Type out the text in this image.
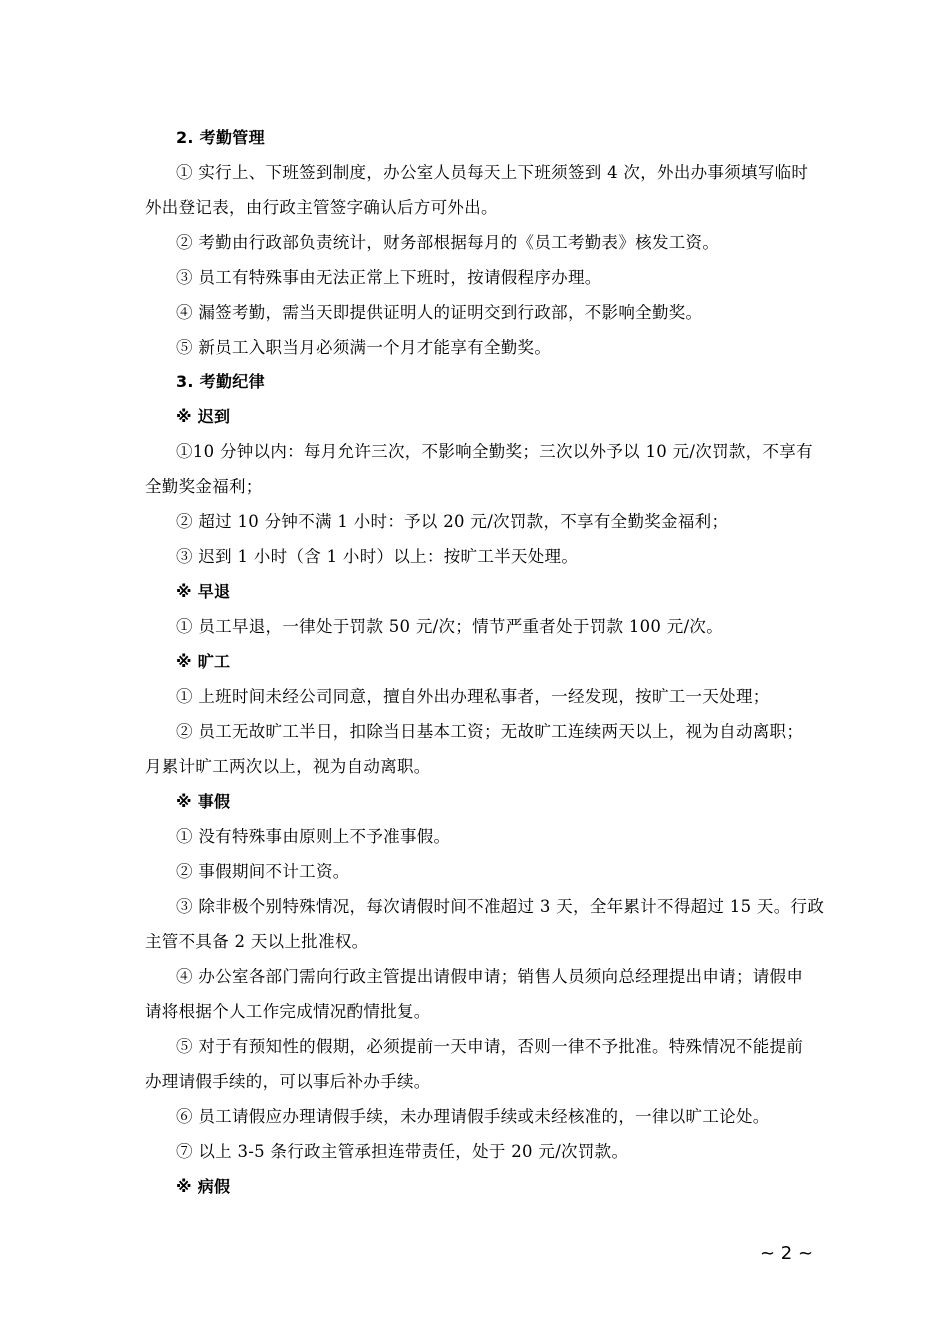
2. 考勤管理
① 实行上、下班签到制度，办公室人员每天上下班须签到 4 次，外出办事须填写临时
外出登记表，由行政主管签字确认后方可外出。
② 考勤由行政部负责统计，财务部根据每月的《员工考勤表》核发工资。
③ 员工有特殊事由无法正常上下班时，按请假程序办理。
④ 漏签考勤，需当天即提供证明人的证明交到行政部，不影响全勤奖。
⑤ 新员工入职当月必须满一个月才能享有全勤奖。
3. 考勤纪律
※ 迟到
①10 分钟以内：每月允许三次，不影响全勤奖；三次以外予以 10 元/次罚款，不享有
全勤奖金福利；
② 超过 10 分钟不满 1 小时：予以 20 元/次罚款，不享有全勤奖金福利；
③ 迟到 1 小时（含 1 小时）以上：按旷工半天处理。
※ 早退
① 员工早退，一律处于罚款 50 元/次；情节严重者处于罚款 100 元/次。
※ 旷工
① 上班时间未经公司同意，擅自外出办理私事者，一经发现，按旷工一天处理；
② 员工无故旷工半日，扣除当日基本工资；无故旷工连续两天以上，视为自动离职；
月累计旷工两次以上，视为自动离职。
※ 事假
① 没有特殊事由原则上不予准事假。
② 事假期间不计工资。
③ 除非极个别特殊情况，每次请假时间不准超过 3 天，全年累计不得超过 15 天。行政
主管不具备 2 天以上批准权。
④ 办公室各部门需向行政主管提出请假申请；销售人员须向总经理提出申请；请假申
请将根据个人工作完成情况酌情批复。
⑤ 对于有预知性的假期，必须提前一天申请，否则一律不予批准。特殊情况不能提前
办理请假手续的，可以事后补办手续。
⑥ 员工请假应办理请假手续，未办理请假手续或未经核准的，一律以旷工论处。
⑦ 以上 3-5 条行政主管承担连带责任，处于 20 元/次罚款。
※ 病假
~ 2 ~
